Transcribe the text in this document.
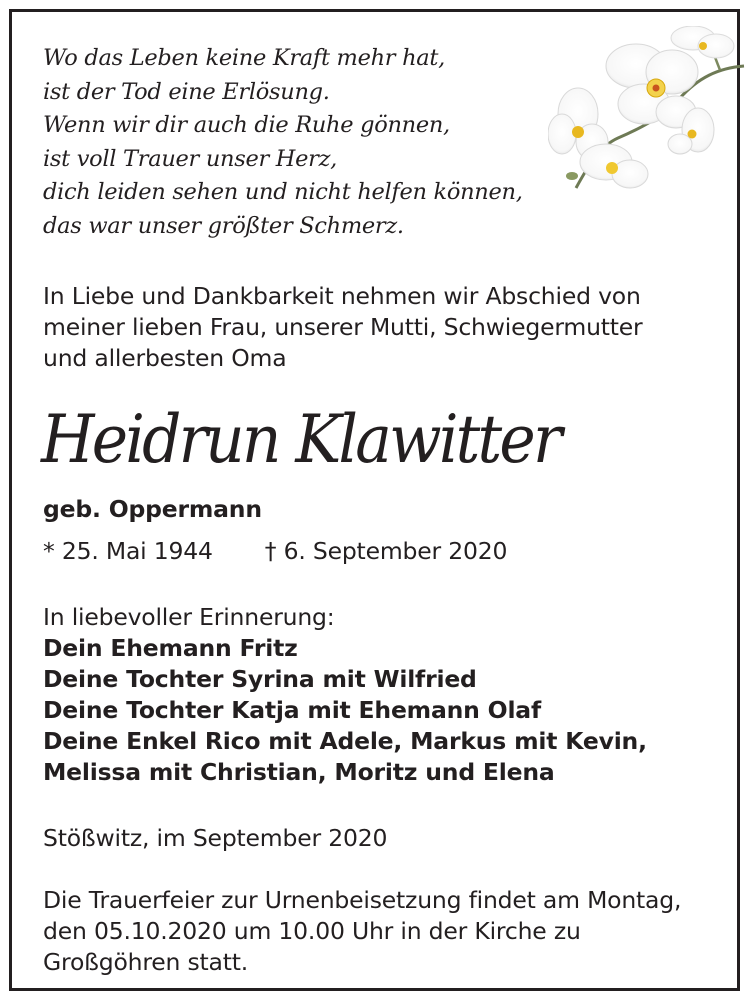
Wo das Leben keine Kraft mehr hat,
ist der Tod eine Erlösung.
Wenn wir dir auch die Ruhe gönnen,
ist voll Trauer unser Herz,
dich leiden sehen und nicht helfen können,
das war unser größter Schmerz.
In Liebe und Dankbarkeit nehmen wir Abschied von
meiner lieben Frau, unserer Mutti, Schwiegermutter
und allerbesten Oma
Heidrun Klawitter
geb. Oppermann
* 25. Mai 1944 † 6. September 2020
In liebevoller Erinnerung:
Dein Ehemann Fritz
Deine Tochter Syrina mit Wilfried
Deine Tochter Katja mit Ehemann Olaf
Deine Enkel Rico mit Adele, Markus mit Kevin,
Melissa mit Christian, Moritz und Elena
Stößwitz, im September 2020
Die Trauerfeier zur Urnenbeisetzung findet am Montag,
den 05.10.2020 um 10.00 Uhr in der Kirche zu
Großgöhren statt.
